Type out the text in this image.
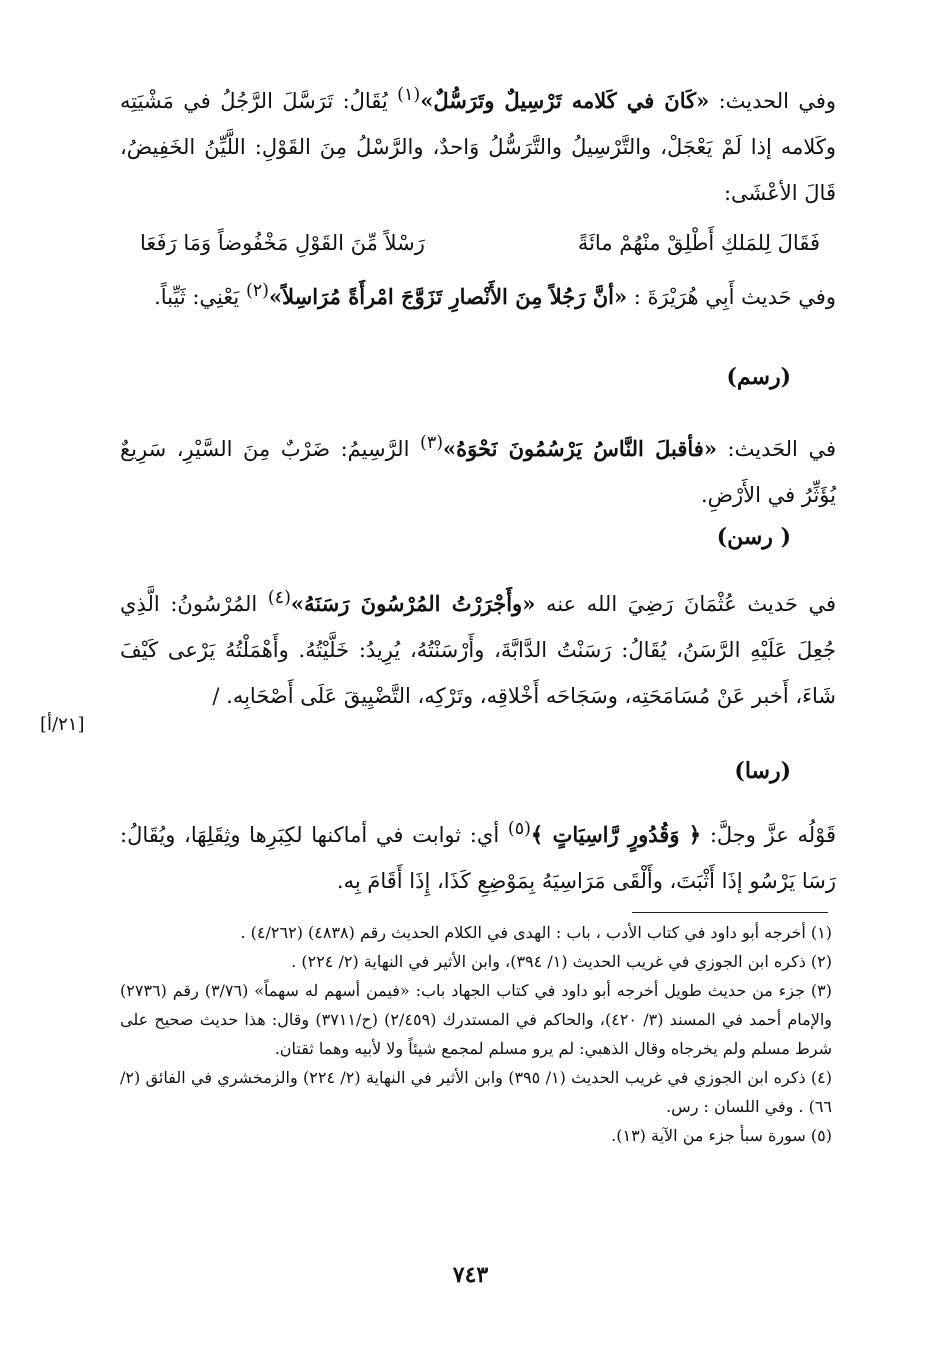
وفي الحديث: «كَانَ في كَلامه تَرْسِيلٌ وتَرَسُّلٌ»$^{(١)}$ يُقَالُ: تَرَسَّلَ الرَّجُلُ في مَشْيَتِه وكَلامه إذا لَمْ يَعْجَلْ، والتَّرْسِيلُ والتَّرَسُّلُ وَاحدٌ، والرَّسْلُ مِنَ القَوْلِ: اللَّيِّنُ الخَفِيضُ، قَالَ الأعْشَى:
فَقَالَ لِلمَلكِ أَطْلِقْ منْهُمْ مائَةً
رَسْلاً مِّنَ القَوْلِ مَخْفُوضاً وَمَا رَفَعَا
وفي حَديث أَبِي هُرَيْرَةَ : «أنَّ رَجُلاً مِنَ الأَنْصارِ تَزَوَّجَ امْرأَةً مُرَاسِلاً»$^{(٢)}$ يَعْنِي: ثَيِّباً.
(رسم)
في الحَديث: «فأقبلَ النَّاسُ يَرْسُمُونَ نَحْوَهُ»$^{(٣)}$ الرَّسِيمُ: ضَرْبٌ مِنَ السَّيْرِ، سَرِيعٌ يُؤَثِّرُ في الأَرْضِ.
( رسن)
في حَديث عُثْمَانَ رَضِيَ الله عنه «وأَجْرَرْتُ المُرْسُونَ رَسَنَهُ»$^{(٤)}$ المُرْسُونُ: الَّذِي جُعِلَ عَلَيْهِ الرَّسَنُ، يُقَالُ: رَسَنْتُ الدَّابَّةَ، وأَرْسَنْتُهُ، يُرِيدُ: خَلَّيْتُهُ. وأَهْمَلْتُهُ يَرْعى كَيْفَ شَاءَ، أَخبر عَنْ مُسَامَحَتِه، وسَجَاحَه أَخْلاقِه، وتَرْكِه، التَّضْيِيقَ عَلَى أَصْحَابِه. /
[٢١/أ]
(رسا)
قَوْلُه عزَّ وجلَّ: ﴿ وَقُدُورٍ رَّاسِيَاتٍ ﴾$^{(٥)}$ أي: ثوابت في أماكنها لكِبَرِها وثِقَلِهَا، ويُقَالُ: رَسَا يَرْسُو إذَا أَثْبَتَ، وأَلْقَى مَرَاسِيَهُ بِمَوْضِعِ كَذَا، إِذَا أَقَامَ بِه.

(١) أخرجه أبو داود في كتاب الأدب ، باب : الهدى في الكلام الحديث رقم (٤٨٣٨) (٤/٢٦٢) .

(٢) ذكره ابن الجوزي في غريب الحديث (١/ ٣٩٤)، وابن الأثير في النهاية (٢/ ٢٢٤) .

(٣) جزء من حديث طويل أخرجه أبو داود في كتاب الجهاد باب: «فيمن أسهم له سهماً» (٣/٧٦) رقم (٢٧٣٦) والإمام أحمد في المسند (٣/ ٤٢٠)، والحاكم في المستدرك (٢/٤٥٩) (ح/٣٧١١) وقال: هذا حديث صحيح على شرط مسلم ولم يخرجاه وقال الذهبي: لم يرو مسلم لمجمع شيئاً ولا لأبيه وهما ثقتان.

(٤) ذكره ابن الجوزي في غريب الحديث (١/ ٣٩٥) وابن الأثير في النهاية (٢/ ٢٢٤) والزمخشري في الفائق (٢/ ٦٦) . وفي اللسان : رس.

(٥) سورة سبأ جزء من الآية (١٣).

٧٤٣
